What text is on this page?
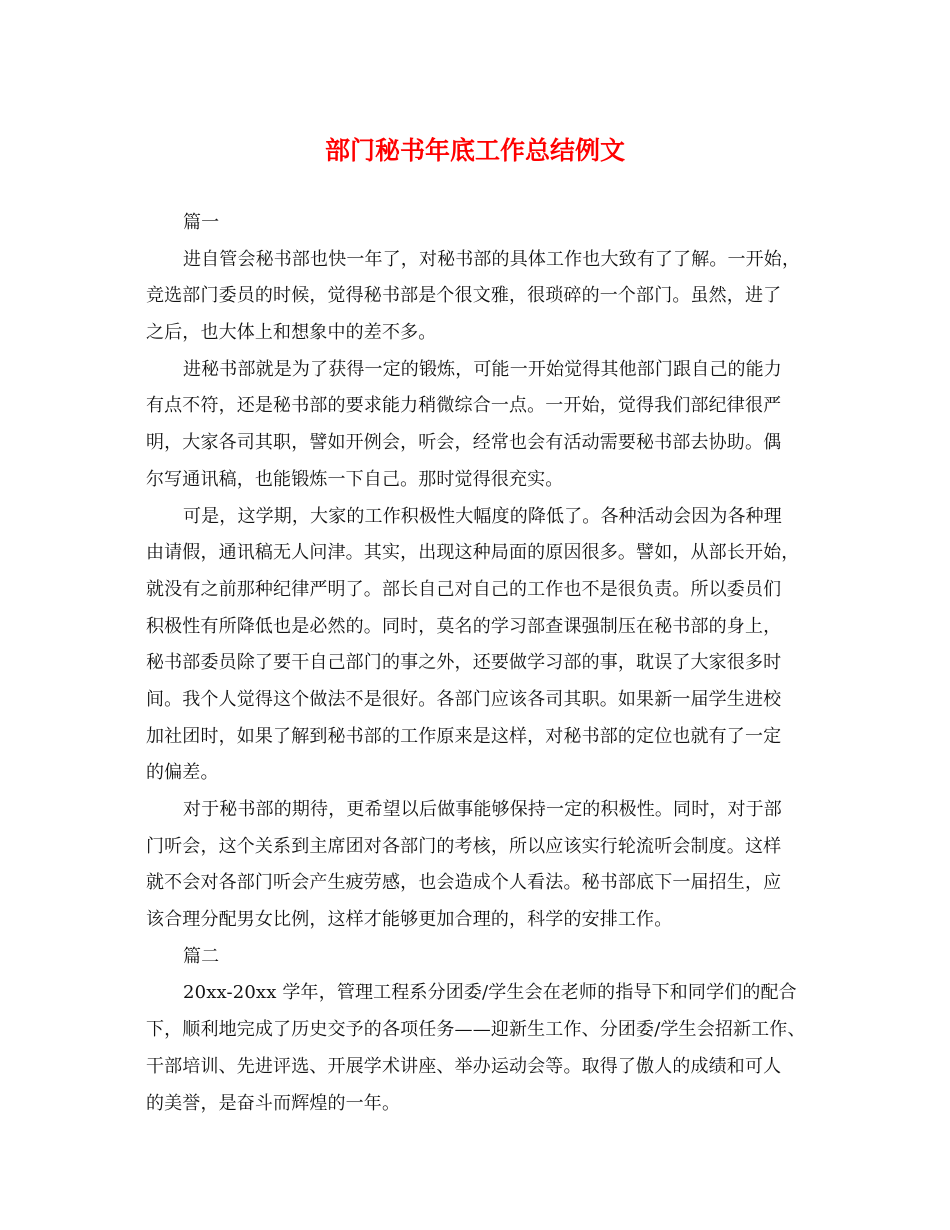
部门秘书年底工作总结例文
篇一
进自管会秘书部也快一年了，对秘书部的具体工作也大致有了了解。一开始，
竞选部门委员的时候，觉得秘书部是个很文雅，很琐碎的一个部门。虽然，进了
之后，也大体上和想象中的差不多。
进秘书部就是为了获得一定的锻炼，可能一开始觉得其他部门跟自己的能力
有点不符，还是秘书部的要求能力稍微综合一点。一开始，觉得我们部纪律很严
明，大家各司其职，譬如开例会，听会，经常也会有活动需要秘书部去协助。偶
尔写通讯稿，也能锻炼一下自己。那时觉得很充实。
可是，这学期，大家的工作积极性大幅度的降低了。各种活动会因为各种理
由请假，通讯稿无人问津。其实，出现这种局面的原因很多。譬如，从部长开始，
就没有之前那种纪律严明了。部长自己对自己的工作也不是很负责。所以委员们
积极性有所降低也是必然的。同时，莫名的学习部查课强制压在秘书部的身上，
秘书部委员除了要干自己部门的事之外，还要做学习部的事，耽误了大家很多时
间。我个人觉得这个做法不是很好。各部门应该各司其职。如果新一届学生进校
加社团时，如果了解到秘书部的工作原来是这样，对秘书部的定位也就有了一定
的偏差。
对于秘书部的期待，更希望以后做事能够保持一定的积极性。同时，对于部
门听会，这个关系到主席团对各部门的考核，所以应该实行轮流听会制度。这样
就不会对各部门听会产生疲劳感，也会造成个人看法。秘书部底下一届招生，应
该合理分配男女比例，这样才能够更加合理的，科学的安排工作。
篇二
20xx-20xx 学年，管理工程系分团委/学生会在老师的指导下和同学们的配合
下，顺利地完成了历史交予的各项任务——迎新生工作、分团委/学生会招新工作、
干部培训、先进评选、开展学术讲座、举办运动会等。取得了傲人的成绩和可人
的美誉，是奋斗而辉煌的一年。
